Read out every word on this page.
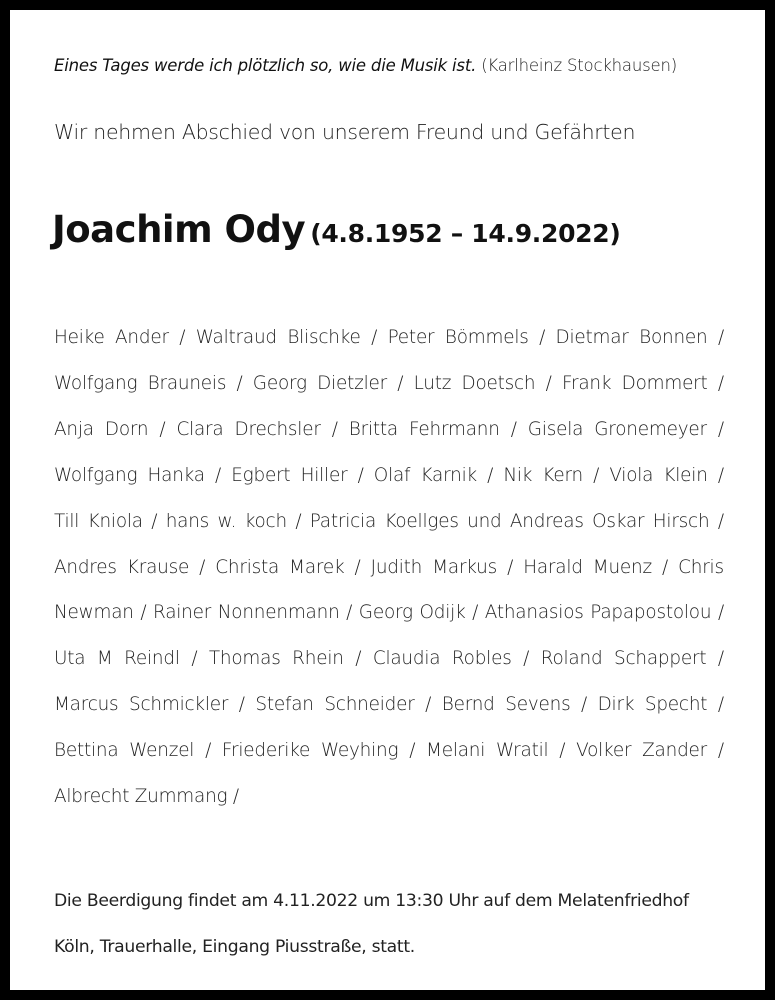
Eines Tages werde ich plötzlich so, wie die Musik ist. (Karlheinz Stockhausen)
Wir nehmen Abschied von unserem Freund und Gefährten
Joachim Ody (4.8.1952 – 14.9.2022)
Heike Ander / Waltraud Blischke / Peter Bömmels / Dietmar Bonnen /
Wolfgang Brauneis / Georg Dietzler / Lutz Doetsch / Frank Dommert /
Anja Dorn / Clara Drechsler / Britta Fehrmann / Gisela Gronemeyer /
Wolfgang Hanka / Egbert Hiller / Olaf Karnik / Nik Kern / Viola Klein /
Till Kniola / hans w. koch / Patricia Koellges und Andreas Oskar Hirsch /
Andres Krause / Christa Marek / Judith Markus / Harald Muenz / Chris
Newman / Rainer Nonnenmann / Georg Odijk / Athanasios Papapostolou /
Uta M Reindl / Thomas Rhein / Claudia Robles / Roland Schappert /
Marcus Schmickler / Stefan Schneider / Bernd Sevens / Dirk Specht /
Bettina Wenzel / Friederike Weyhing / Melani Wratil / Volker Zander /
Albrecht Zummang /
Die Beerdigung findet am 4.11.2022 um 13:30 Uhr auf dem Melatenfriedhof
Köln, Trauerhalle, Eingang Piusstraße, statt.
